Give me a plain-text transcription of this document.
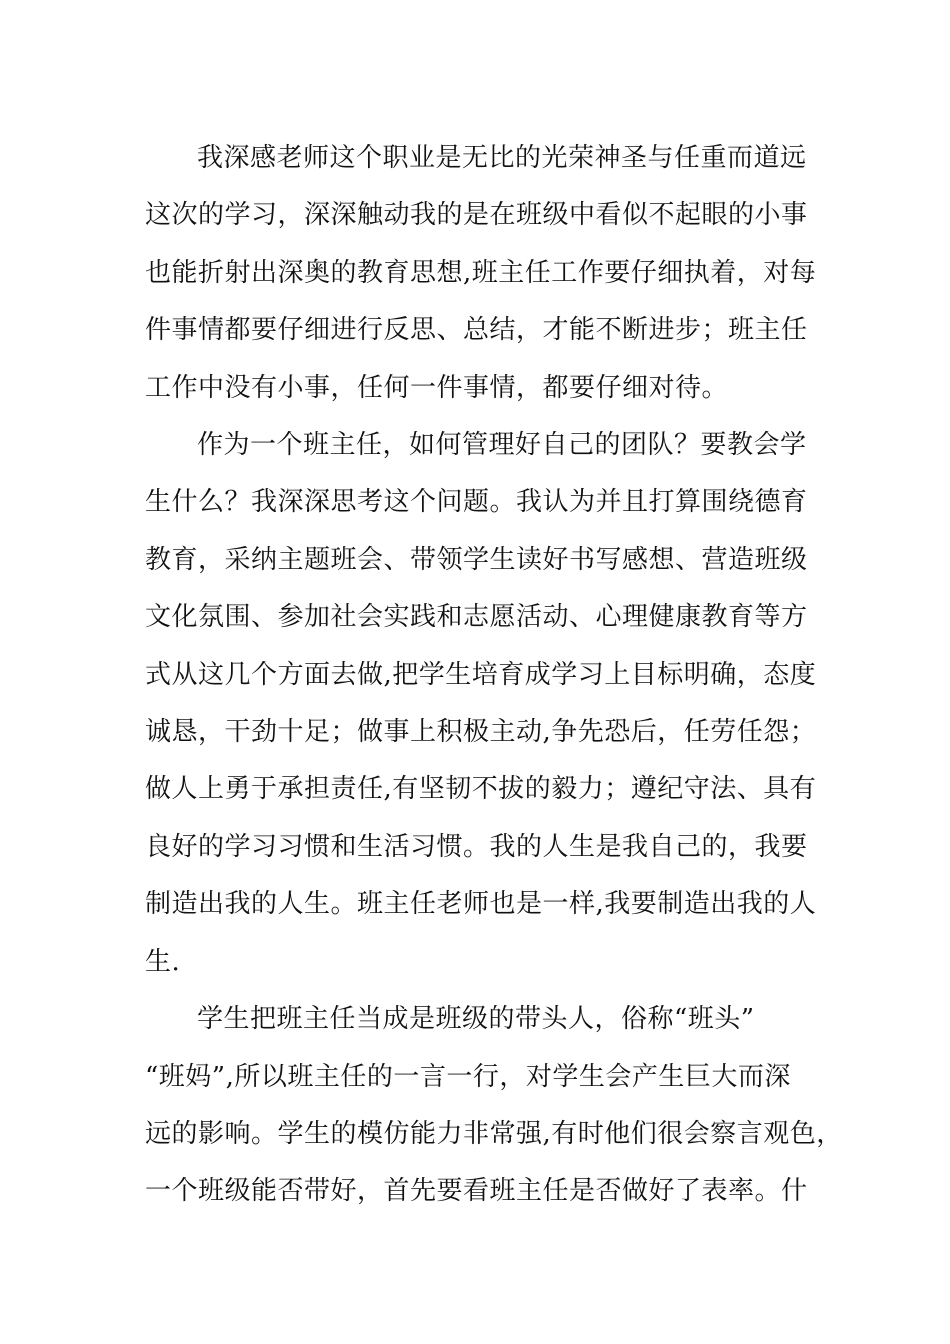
我深感老师这个职业是无比的光荣神圣与任重而道远
这次的学习，深深触动我的是在班级中看似不起眼的小事
也能折射出深奥的教育思想,班主任工作要仔细执着，对每
件事情都要仔细进行反思、总结，才能不断进步；班主任
工作中没有小事，任何一件事情，都要仔细对待。

作为一个班主任，如何管理好自己的团队？要教会学
生什么？我深深思考这个问题。我认为并且打算围绕德育
教育，采纳主题班会、带领学生读好书写感想、营造班级
文化氛围、参加社会实践和志愿活动、心理健康教育等方
式从这几个方面去做,把学生培育成学习上目标明确，态度
诚恳，干劲十足；做事上积极主动,争先恐后，任劳任怨；
做人上勇于承担责任,有坚韧不拔的毅力；遵纪守法、具有
良好的学习习惯和生活习惯。我的人生是我自己的，我要
制造出我的人生。班主任老师也是一样,我要制造出我的人
生.

学生把班主任当成是班级的带头人，俗称“班头”
“班妈”,所以班主任的一言一行，对学生会产生巨大而深
远的影响。学生的模仿能力非常强,有时他们很会察言观色，
一个班级能否带好，首先要看班主任是否做好了表率。什
